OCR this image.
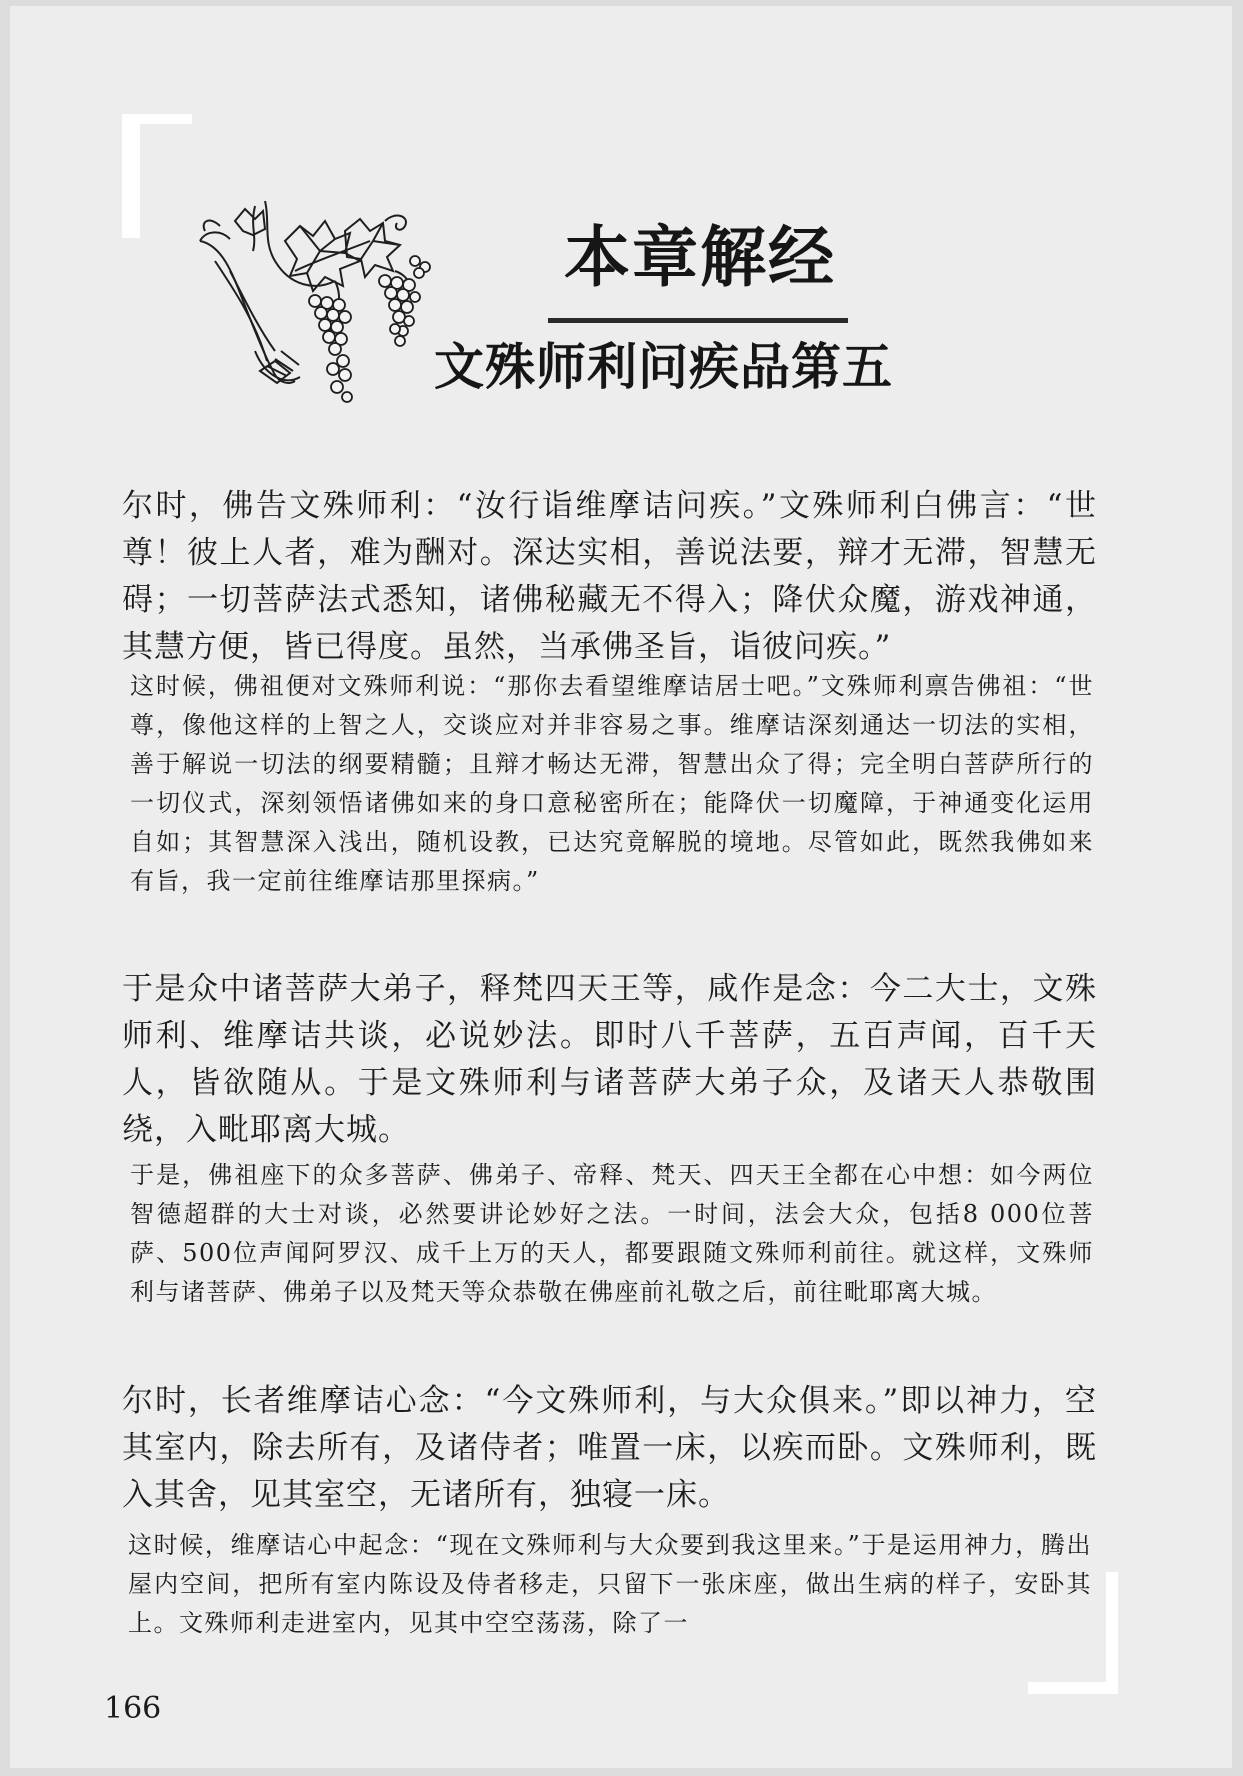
本章解经
文殊师利问疾品第五

尔时，佛告文殊师利：“汝行诣维摩诘问疾。”文殊师利白佛言：“世尊！彼上人者，难为酬对。深达实相，善说法要，辩才无滞，智慧无碍；一切菩萨法式悉知，诸佛秘藏无不得入；降伏众魔，游戏神通，其慧方便，皆已得度。虽然，当承佛圣旨，诣彼问疾。”

这时候，佛祖便对文殊师利说：“那你去看望维摩诘居士吧。”文殊师利禀告佛祖：“世尊，像他这样的上智之人，交谈应对并非容易之事。维摩诘深刻通达一切法的实相，善于解说一切法的纲要精髓；且辩才畅达无滞，智慧出众了得；完全明白菩萨所行的一切仪式，深刻领悟诸佛如来的身口意秘密所在；能降伏一切魔障，于神通变化运用自如；其智慧深入浅出，随机设教，已达究竟解脱的境地。尽管如此，既然我佛如来有旨，我一定前往维摩诘那里探病。”

于是众中诸菩萨大弟子，释梵四天王等，咸作是念：今二大士，文殊师利、维摩诘共谈，必说妙法。即时八千菩萨，五百声闻，百千天人，皆欲随从。于是文殊师利与诸菩萨大弟子众，及诸天人恭敬围绕，入毗耶离大城。

于是，佛祖座下的众多菩萨、佛弟子、帝释、梵天、四天王全都在心中想：如今两位智德超群的大士对谈，必然要讲论妙好之法。一时间，法会大众，包括8 000位菩萨、500位声闻阿罗汉、成千上万的天人，都要跟随文殊师利前往。就这样，文殊师利与诸菩萨、佛弟子以及梵天等众恭敬在佛座前礼敬之后，前往毗耶离大城。

尔时，长者维摩诘心念：“今文殊师利，与大众俱来。”即以神力，空其室内，除去所有，及诸侍者；唯置一床，以疾而卧。文殊师利，既入其舍，见其室空，无诸所有，独寝一床。

这时候，维摩诘心中起念：“现在文殊师利与大众要到我这里来。”于是运用神力，腾出屋内空间，把所有室内陈设及侍者移走，只留下一张床座，做出生病的样子，安卧其上。文殊师利走进室内，见其中空空荡荡，除了一

166
